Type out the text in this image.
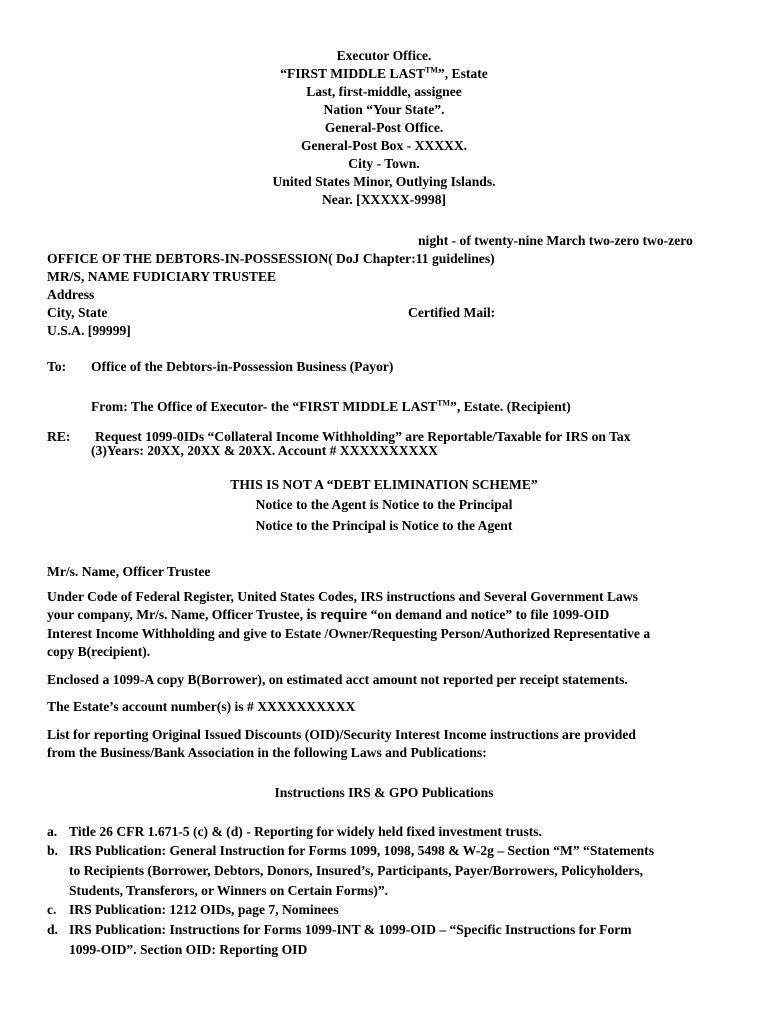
Executor Office.
“FIRST MIDDLE LAST™”, Estate
Last, first-middle, assignee
Nation “Your State”.
General-Post Office.
General-Post Box - XXXXX.
City - Town.
United States Minor, Outlying Islands.
Near. [XXXXX-9998]
night - of twenty-nine March two-zero two-zero
OFFICE OF THE DEBTORS-IN-POSSESSION( DoJ Chapter:11 guidelines)
MR/S, NAME FUDICIARY TRUSTEE
Address
City, State	Certified Mail:
U.S.A. [99999]
To: Office of the Debtors-in-Possession Business (Payor)
From: The Office of Executor- the “FIRST MIDDLE LAST™”, Estate. (Recipient)
RE: Request 1099-0IDs “Collateral Income Withholding” are Reportable/Taxable for IRS on Tax
(3)Years: 20XX, 20XX & 20XX. Account # XXXXXXXXXX
THIS IS NOT A “DEBT ELIMINATION SCHEME”
Notice to the Agent is Notice to the Principal
Notice to the Principal is Notice to the Agent
Mr/s. Name, Officer Trustee
Under Code of Federal Register, United States Codes, IRS instructions and Several Government Laws
your company, Mr/s. Name, Officer Trustee, is require “on demand and notice” to file 1099-OID
Interest Income Withholding and give to Estate /Owner/Requesting Person/Authorized Representative a
copy B(recipient).
Enclosed a 1099-A copy B(Borrower), on estimated acct amount not reported per receipt statements.
The Estate’s account number(s) is # XXXXXXXXXX
List for reporting Original Issued Discounts (OID)/Security Interest Income instructions are provided
from the Business/Bank Association in the following Laws and Publications:
Instructions IRS & GPO Publications
a. Title 26 CFR 1.671-5 (c) & (d) - Reporting for widely held fixed investment trusts.
b. IRS Publication: General Instruction for Forms 1099, 1098, 5498 & W-2g – Section “M” “Statements
to Recipients (Borrower, Debtors, Donors, Insured’s, Participants, Payer/Borrowers, Policyholders,
Students, Transferors, or Winners on Certain Forms)”.
c. IRS Publication: 1212 OIDs, page 7, Nominees
d. IRS Publication: Instructions for Forms 1099-INT & 1099-OID – “Specific Instructions for Form
1099-OID”. Section OID: Reporting OID
